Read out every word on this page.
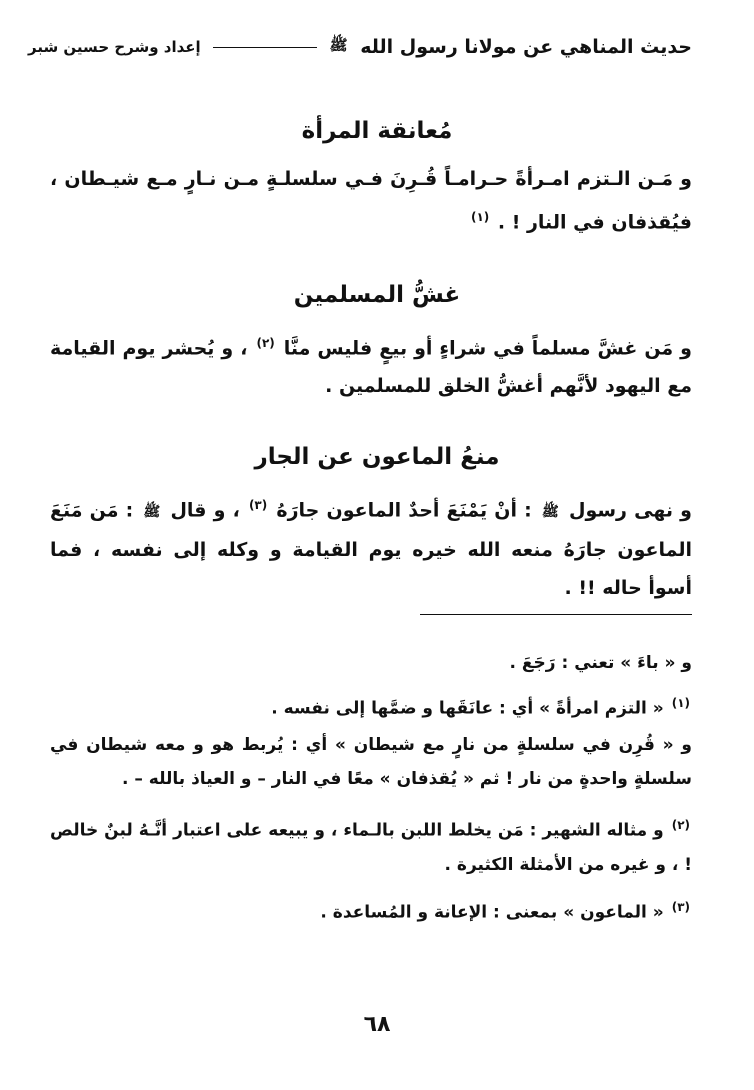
حديث المناهي عن مولانا رسول الله ﷺ
إعداد وشرح حسين شبر
مُعانقة المرأة
و مَـن الـتزم امـرأةً حـرامـاً قُـرِنَ فـي سلسلـةٍ مـن نـارٍ مـع شيـطان ، فيُقذفان في النار ! . $^{(١)}$
غشُّ المسلمين
و مَن غشَّ مسلماً في شراءٍ أو بيعٍ فليس منَّا $^{(٢)}$ ، و يُحشر يوم القيامة مع اليهود لأنَّهم أغشُّ الخلق للمسلمين .
منعُ الماعون عن الجار
و نهى رسول ﷺ : أنْ يَمْنَعَ أحدٌ الماعون جارَهُ $^{(٣)}$ ، و قال ﷺ : مَن مَنَعَ الماعون جارَهُ منعه الله خيره يوم القيامة و وكله إلى نفسه ، فما أسوأ حاله !! .
و « باءَ » تعني : رَجَعَ .
$^{(١)}$ « التزم امرأةً » أي : عانَقَها و ضمَّها إلى نفسه .
و « قُرِن في سلسلةٍ من نارٍ مع شيطان » أي : يُربط هو و معه شيطان في سلسلةٍ واحدةٍ من نار ! ثم « يُقذفان » معًا في النار – و العياذ بالله – .
$^{(٢)}$ و مثاله الشهير : مَن يخلط اللبن بالـماء ، و يبيعه على اعتبار أنَّـهُ لبنٌ خالص ! ، و غيره من الأمثلة الكثيرة .
$^{(٣)}$ « الماعون » بمعنى : الإعانة و المُساعدة .
٦٨
